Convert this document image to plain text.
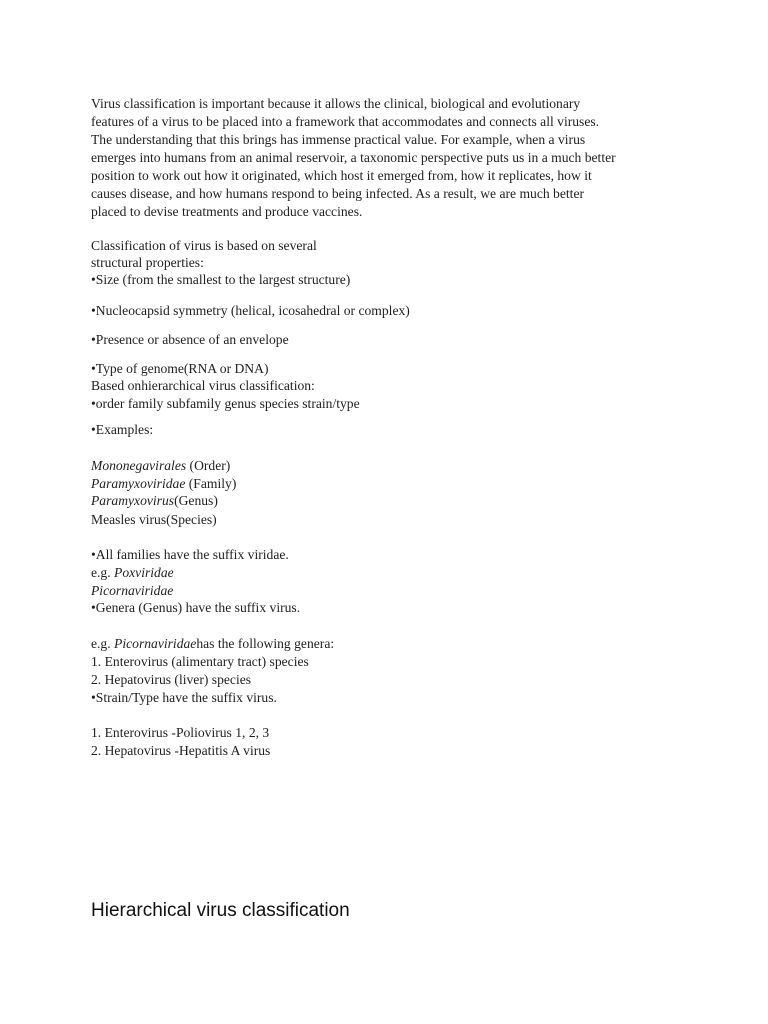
Virus classification is important because it allows the clinical, biological and evolutionary
features of a virus to be placed into a framework that accommodates and connects all viruses.
The understanding that this brings has immense practical value. For example, when a virus
emerges into humans from an animal reservoir, a taxonomic perspective puts us in a much better
position to work out how it originated, which host it emerged from, how it replicates, how it
causes disease, and how humans respond to being infected. As a result, we are much better
placed to devise treatments and produce vaccines.
Classification of virus is based on several
structural properties:
•Size (from the smallest to the largest structure)
•Nucleocapsid symmetry (helical, icosahedral or complex)
•Presence or absence of an envelope
•Type of genome(RNA or DNA)
Based onhierarchical virus classification:
•order family subfamily genus species strain/type
•Examples:
Mononegavirales (Order)
Paramyxoviridae (Family)
Paramyxovirus(Genus)
Measles virus(Species)
•All families have the suffix viridae.
e.g. Poxviridae
Picornaviridae
•Genera (Genus) have the suffix virus.
e.g. Picornaviridaehas the following genera:
1. Enterovirus (alimentary tract) species
2. Hepatovirus (liver) species
•Strain/Type have the suffix virus.
1. Enterovirus -Poliovirus 1, 2, 3
2. Hepatovirus -Hepatitis A virus
Hierarchical virus classification
